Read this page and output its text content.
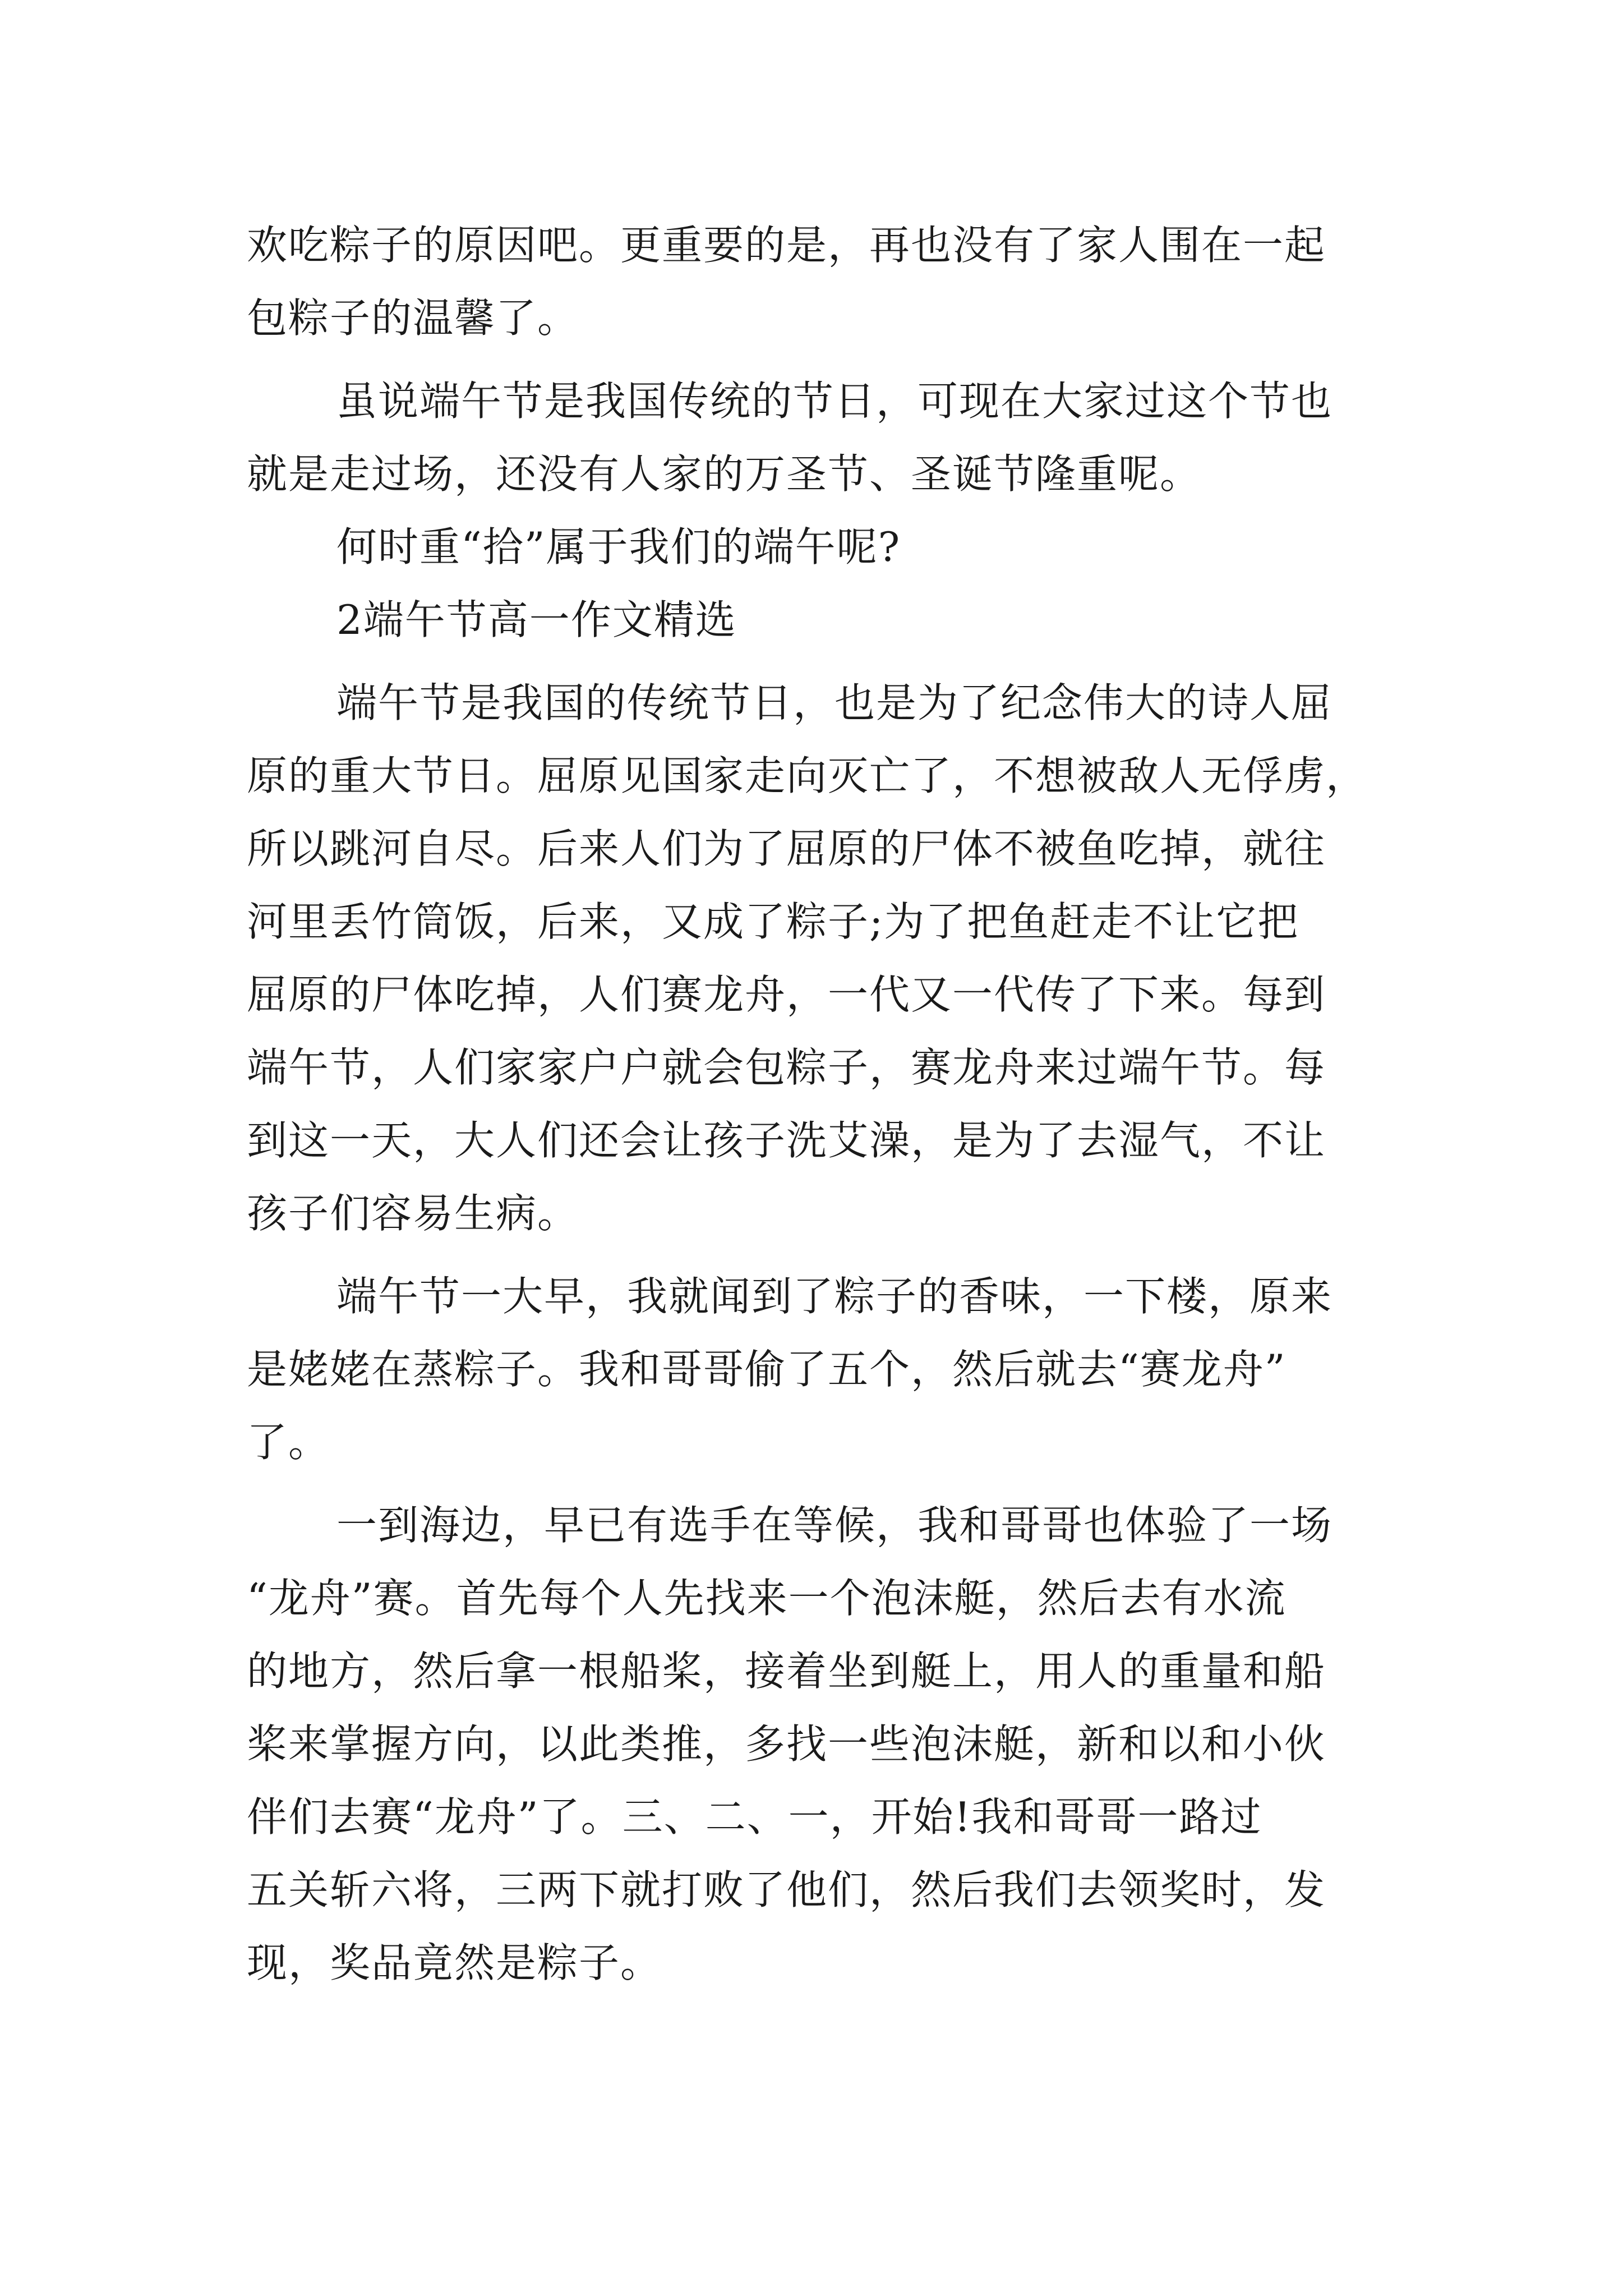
欢吃粽子的原因吧。更重要的是，再也没有了家人围在一起
包粽子的温馨了。
虽说端午节是我国传统的节日，可现在大家过这个节也
就是走过场，还没有人家的万圣节、圣诞节隆重呢。
何时重“拾”属于我们的端午呢?
2端午节高一作文精选
端午节是我国的传统节日，也是为了纪念伟大的诗人屈
原的重大节日。屈原见国家走向灭亡了，不想被敌人无俘虏，
所以跳河自尽。后来人们为了屈原的尸体不被鱼吃掉，就往
河里丢竹筒饭，后来，又成了粽子;为了把鱼赶走不让它把
屈原的尸体吃掉，人们赛龙舟，一代又一代传了下来。每到
端午节，人们家家户户就会包粽子，赛龙舟来过端午节。每
到这一天，大人们还会让孩子洗艾澡，是为了去湿气，不让
孩子们容易生病。
端午节一大早，我就闻到了粽子的香味，一下楼，原来
是姥姥在蒸粽子。我和哥哥偷了五个，然后就去“赛龙舟”
了。
一到海边，早已有选手在等候，我和哥哥也体验了一场
“龙舟”赛。首先每个人先找来一个泡沫艇，然后去有水流
的地方，然后拿一根船桨，接着坐到艇上，用人的重量和船
桨来掌握方向，以此类推，多找一些泡沫艇，新和以和小伙
伴们去赛“龙舟”了。三、二、一，开始!我和哥哥一路过
五关斩六将，三两下就打败了他们，然后我们去领奖时，发
现，奖品竟然是粽子。
